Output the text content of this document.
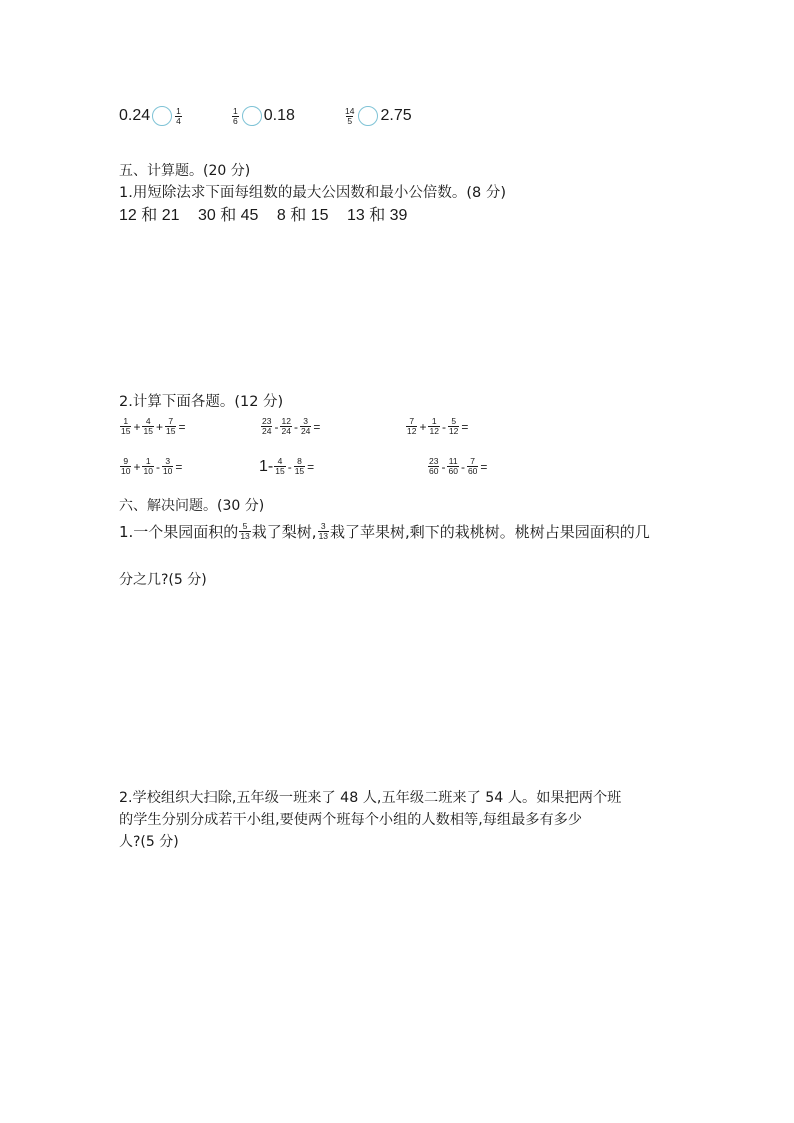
0.24	$\frac{1}{4}$	$\frac{1}{6} 0.18$	$\frac{14}{5} 2.75$
五、计算题。(20 分)
1.用短除法求下面每组数的最大公因数和最小公倍数。(8 分)
12 和 21 30 和 45 8 和 15 13 和 39
2.计算下面各题。(12 分)
$\frac{1}{15} + \frac{4}{15} + \frac{7}{15}$ =	$\frac{23}{24} - \frac{12}{24} - \frac{3}{24}$ =	$\frac{7}{12} + \frac{1}{12} - \frac{5}{12}$ =
$\frac{9}{10} + \frac{1}{10} - \frac{3}{10}$ =	$1- \frac{4}{15} - \frac{8}{15}$ =	$\frac{23}{60} - \frac{11}{60} - \frac{7}{60}$ =
六、解决问题。(30 分)
1.一个果园面积的 $\frac{5}{13}$ 栽了梨树, $\frac{3}{13}$ 栽了苹果树,剩下的栽桃树。桃树占果园面积的几
分之几?(5 分)
2.学校组织大扫除,五年级一班来了 48 人,五年级二班来了 54 人。如果把两个班
的学生分别分成若干小组,要使两个班每个小组的人数相等,每组最多有多少
人?(5 分)
